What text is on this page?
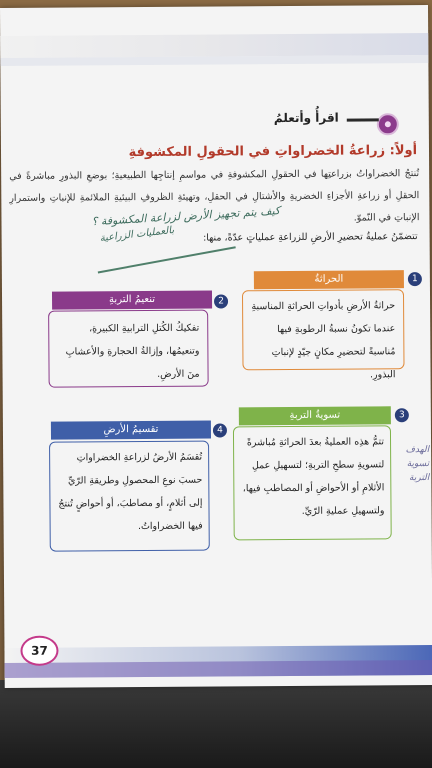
اقرأُ وأتعلمُ
أولاً: زراعةُ الخضراواتِ في الحقولِ المكشوفةِ
تُنتجُ الخضراواتُ بزراعتِها في الحقولِ المكشوفةِ في مواسمِ إنتاجِها الطبيعيةِ؛ بوضعِ البذورِ مباشرةً في الحقلِ أو زراعةِ الأجزاءِ الخضريةِ والأشتالِ في الحقلِ، وتهيئةِ الظروفِ البيئيةِ الملائمةِ للإنباتِ واستمرارِ الإنباتِ في النّموّ.
كيف يتم تجهيز الأرض لزراعة المكشوفة ؟
بالعمليات الزراعية	تتضمّنُ عمليةُ تحضيرِ الأرضِ للزراعةِ عملياتٍ عدّةً، منها:
1
الحراثةُ
حراثةُ الأرضِ بأدواتِ الحراثةِ المناسبةِ عندما تكونُ نسبةُ الرطوبةِ فيها مُناسبةً لتحضيرِ مكانٍ جيّدٍ لإنباتِ البذورِ.
2
تنعيمُ التربةِ
تفكيكُ الكُتلِ الترابيةِ الكبيرةِ، وتنعيمُها، وإزالةُ الحجارةِ والأعشابِ منَ الأرضِ.
3
تسويةُ التربةِ
تتمُّ هذِه العمليةُ بعدَ الحراثةِ مُباشرةً لتسويةِ سطحِ التربةِ؛ لتسهيلِ عملِ الأثلامِ أو الأحواضِ أو المصاطبِ فيها، ولتسهيلِ عمليةِ الرّيِّ.
4
تقسيمُ الأرضِ
تُقسَمُ الأرضُ لزراعةِ الخضراواتِ حسبَ نوعِ المحصولِ وطريقةِ الرّيِّ إلى أثلامٍ، أو مصاطبَ، أو أحواضٍ تُنتجُ فيها الخضراواتُ.
الهدف تسوية التربة
37
